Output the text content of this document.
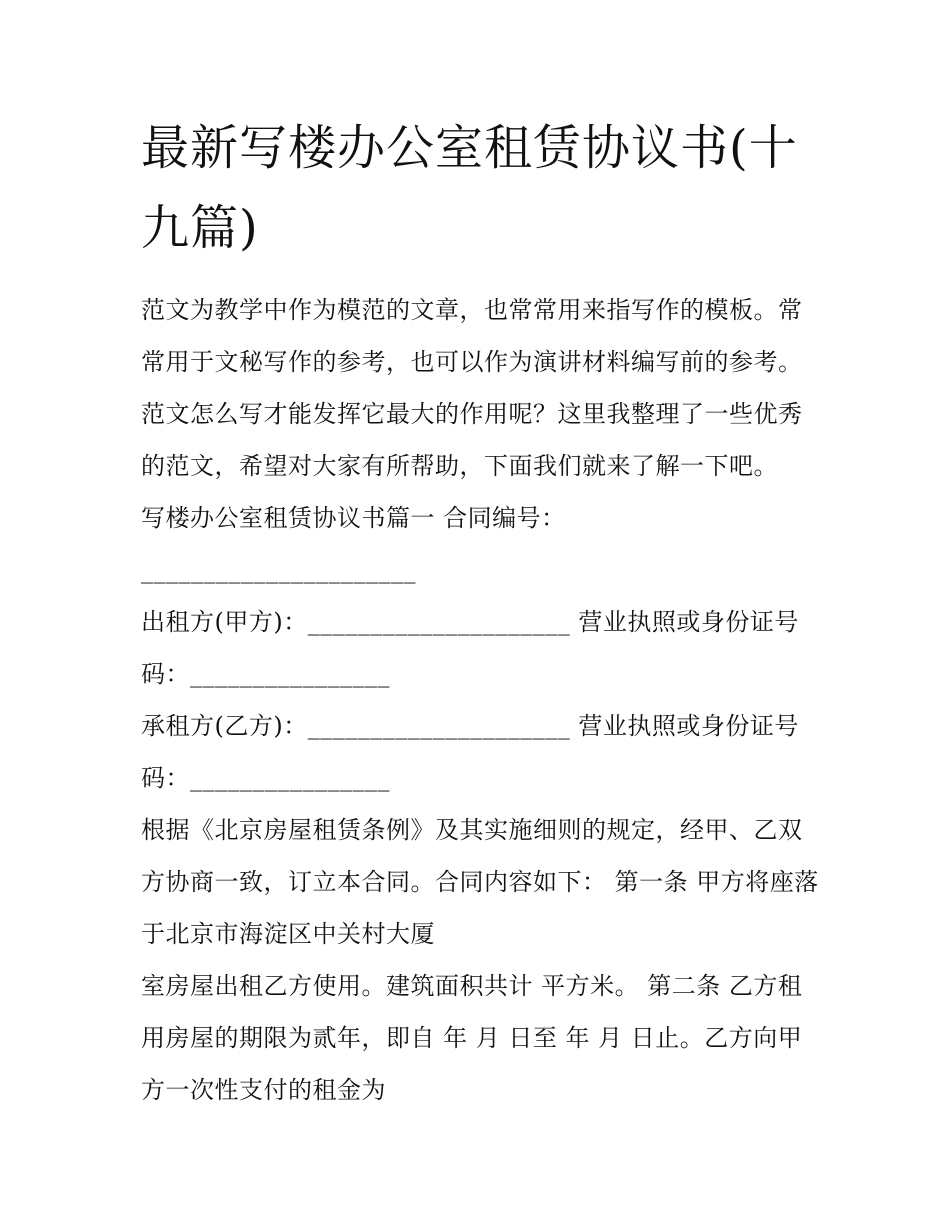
最新写楼办公室租赁协议书(十九篇)

范文为教学中作为模范的文章，也常常用来指写作的模板。常常用于文秘写作的参考，也可以作为演讲材料编写前的参考。范文怎么写才能发挥它最大的作用呢？这里我整理了一些优秀的范文，希望对大家有所帮助，下面我们就来了解一下吧。

写楼办公室租赁协议书篇一 合同编号：

______________________

出租方(甲方)：_____________________ 营业执照或身份证号码：________________

承租方(乙方)：_____________________ 营业执照或身份证号码：________________

根据《北京房屋租赁条例》及其实施细则的规定，经甲、乙双方协商一致，订立本合同。合同内容如下： 第一条 甲方将座落于北京市海淀区中关村大厦

室房屋出租乙方使用。建筑面积共计 平方米。 第二条 乙方租用房屋的期限为贰年，即自 年 月 日至 年 月 日止。乙方向甲方一次性支付的租金为
